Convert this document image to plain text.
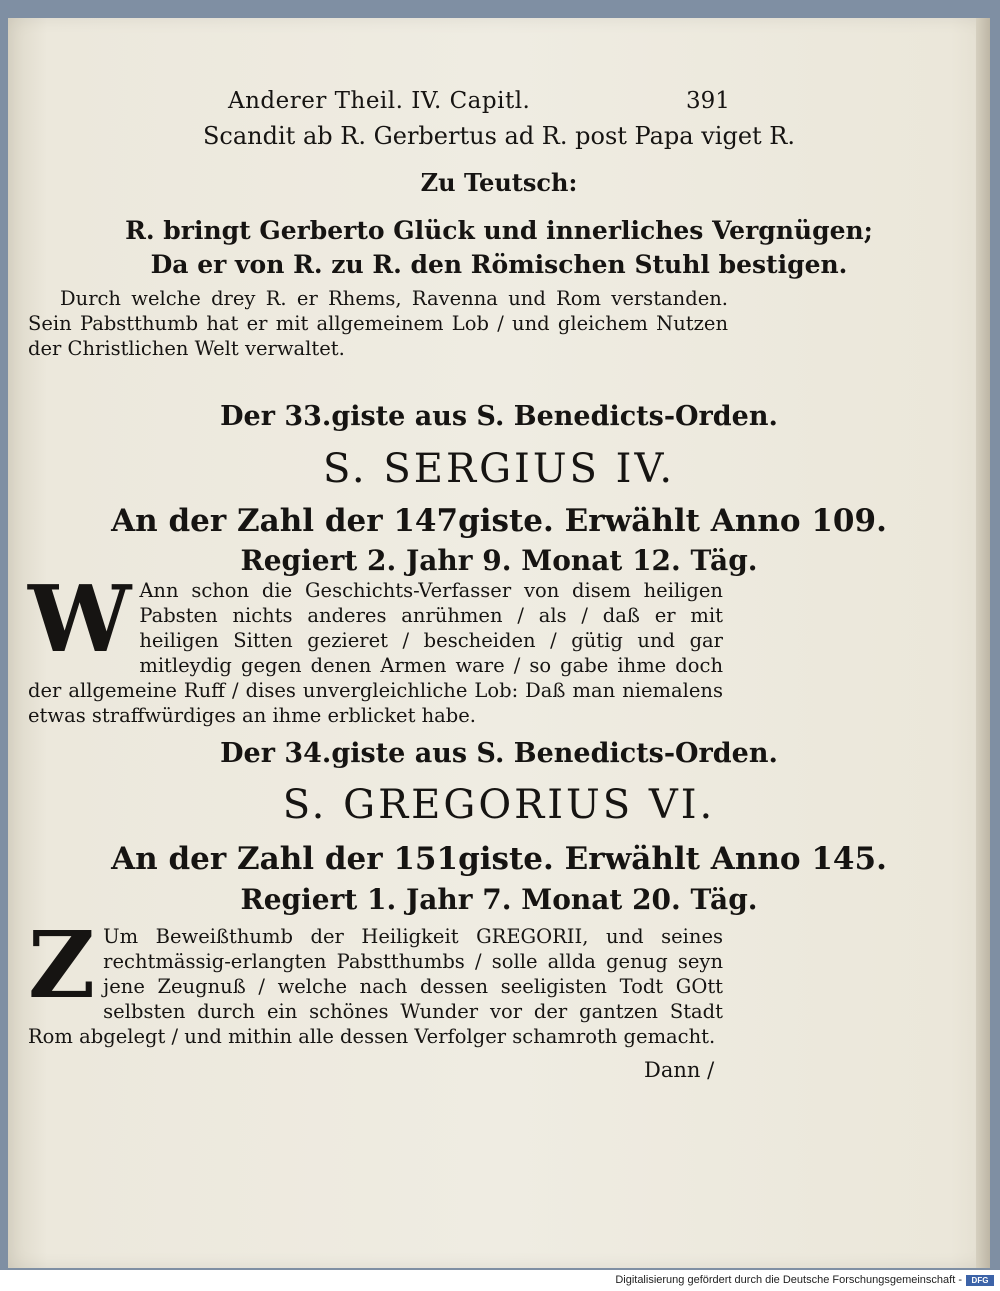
Anderer Theil. IV. Capitl.	391
Scandit ab R. Gerbertus ad R. post Papa viget R.
Zu Teutsch:
R. bringt Gerberto Glück und innerliches Vergnügen;
Da er von R. zu R. den Römischen Stuhl bestigen.
Durch welche drey R. er Rhems, Ravenna und Rom verstanden. Sein Pabstthumb hat er mit allgemeinem Lob / und gleichem Nutzen der Christlichen Welt verwaltet.
Der 33.giste aus S. Benedicts-Orden.
S. SERGIUS IV.
An der Zahl der 147giste. Erwählt Anno 109.
Regiert 2. Jahr 9. Monat 12. Täg.
W Ann schon die Geschichts-Verfasser von disem heiligen Pabsten nichts anderes anrühmen / als / daß er mit heiligen Sitten gezieret / bescheiden / gütig und gar mitleydig gegen denen Armen ware / so gabe ihme doch der allgemeine Ruff / dises unvergleichliche Lob: Daß man niemalens etwas straffwürdiges an ihme erblicket habe.
Der 34.giste aus S. Benedicts-Orden.
S. GREGORIUS VI.
An der Zahl der 151giste. Erwählt Anno 145.
Regiert 1. Jahr 7. Monat 20. Täg.
Z Um Beweißthumb der Heiligkeit GREGORII, und seines rechtmässig-erlangten Pabstthumbs / solle allda genug seyn jene Zeugnuß / welche nach dessen seeligisten Todt GOtt selbsten durch ein schönes Wunder vor der gantzen Stadt Rom abgelegt / und mithin alle dessen Verfolger schamroth gemacht.
Dann /
Digitalisierung gefördert durch die Deutsche Forschungsgemeinschaft -	DFG
